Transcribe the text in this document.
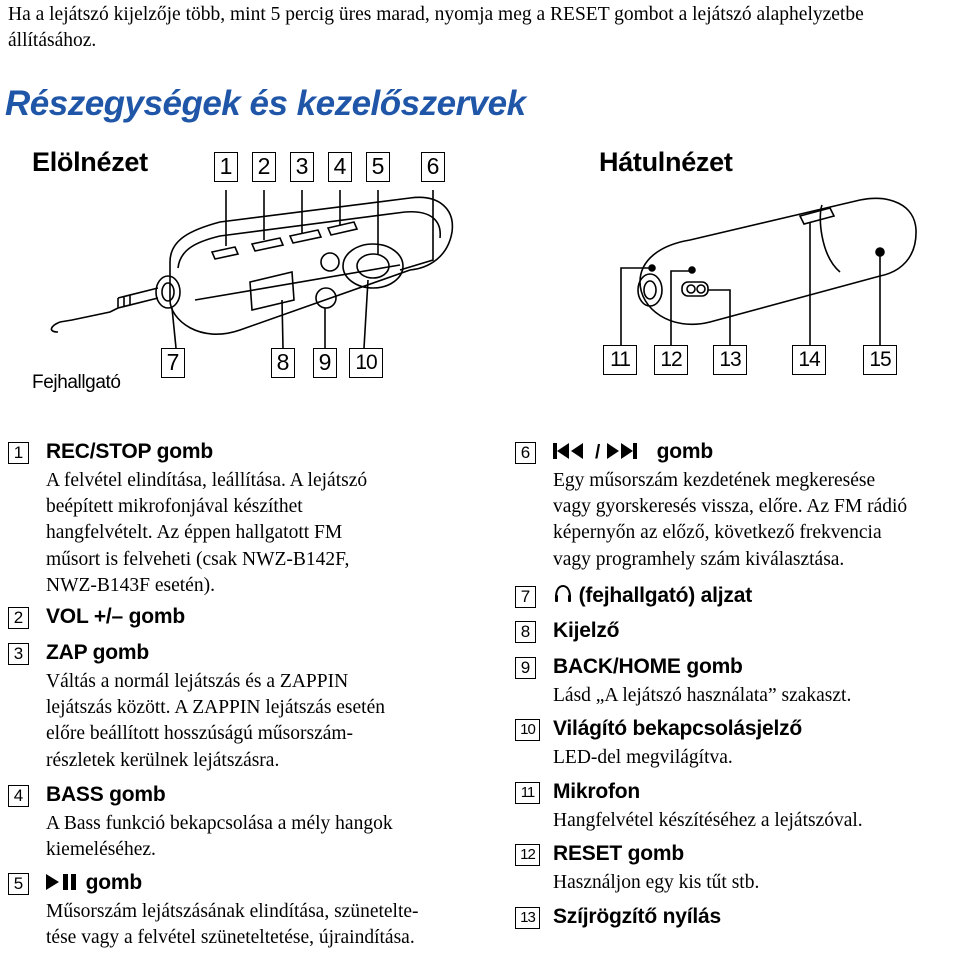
Ha a lejátszó kijelzője több, mint 5 percig üres marad, nyomja meg a RESET gombot a lejátszó alaphelyzetbe állításához.
Részegységek és kezelőszervek
Elölnézet	Hátulnézet
1 2 3 4 5 6
7	8 9	10	11	12	13	14	15
Fejhallgató
1 REC/STOP gomb
A felvétel elindítása, leállítása. A lejátszó
beépített mikrofonjával készíthet
hangfelvételt. Az éppen hallgatott FM
műsort is felveheti (csak NWZ-B142F,
NWZ-B143F esetén).
2 VOL +/– gomb
3 ZAP gomb
Váltás a normál lejátszás és a ZAPPIN
lejátszás között. A ZAPPIN lejátszás esetén
előre beállított hosszúságú műsorszám-
részletek kerülnek lejátszásra.
4 BASS gomb
A Bass funkció bekapcsolása a mély hangok
kiemeléséhez.
5	gomb
Műsorszám lejátszásának elindítása, szünetelte-
tése vagy a felvétel szüneteltetése, újraindítása.
6	/	gomb
Egy műsorszám kezdetének megkeresése
vagy gyorskeresés vissza, előre. Az FM rádió
képernyőn az előző, következő frekvencia
vagy programhely szám kiválasztása.
7	(fejhallgató) aljzat
8 Kijelző
9 BACK/HOME gomb
Lásd „A lejátszó használata” szakaszt.
10 Világító bekapcsolásjelző
LED-del megvilágítva.
11 Mikrofon
Hangfelvétel készítéséhez a lejátszóval.
12 RESET gomb
Használjon egy kis tűt stb.
13 Szíjrögzítő nyílás
